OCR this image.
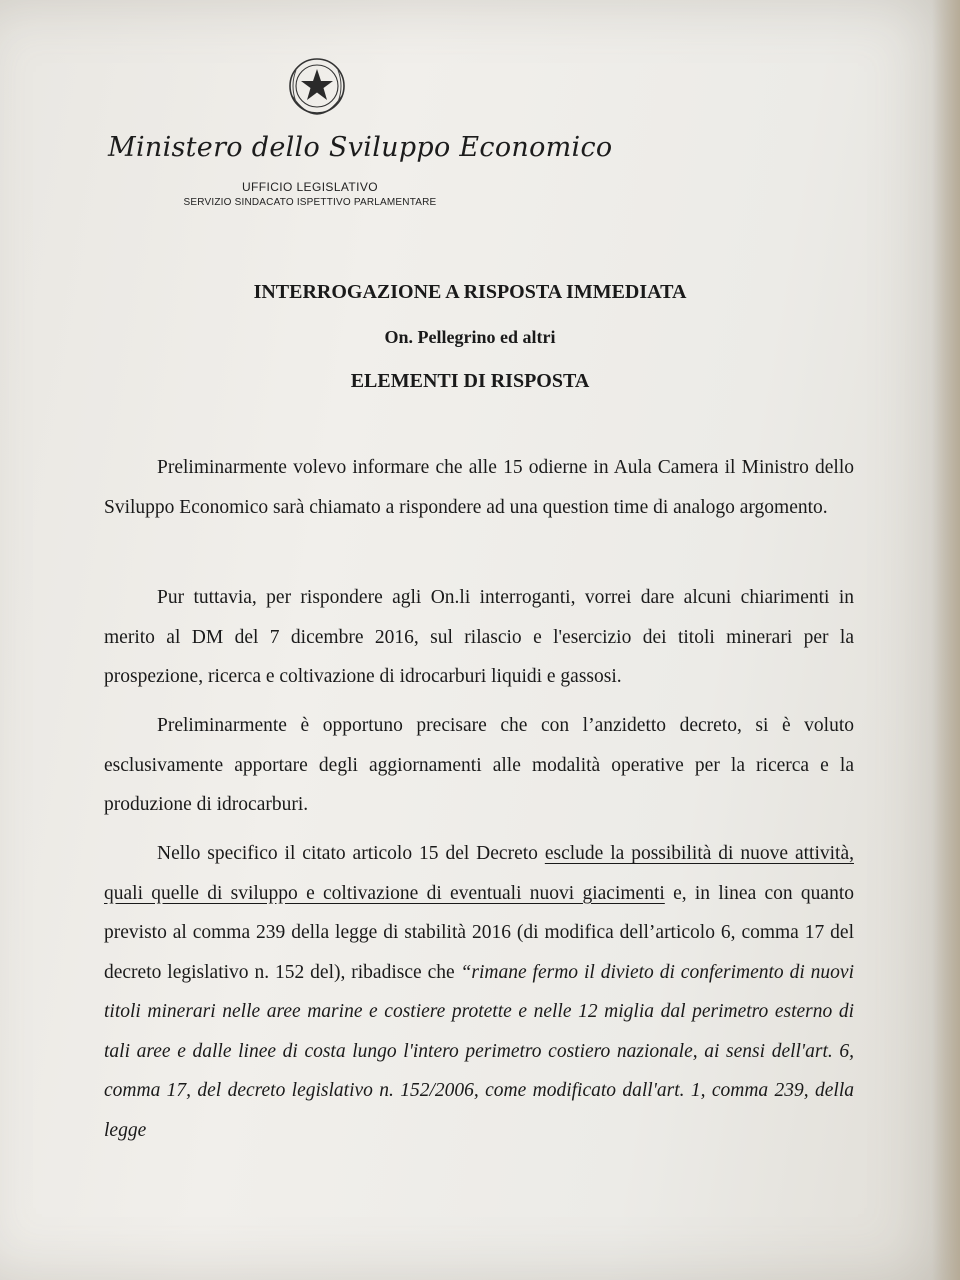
Ministero dello Sviluppo Economico
UFFICIO LEGISLATIVO
SERVIZIO SINDACATO ISPETTIVO PARLAMENTARE
INTERROGAZIONE A RISPOSTA IMMEDIATA
On. Pellegrino ed altri
ELEMENTI DI RISPOSTA
Preliminarmente volevo informare che alle 15 odierne in Aula Camera il Ministro dello Sviluppo Economico sarà chiamato a rispondere ad una question time di analogo argomento.
Pur tuttavia, per rispondere agli On.li interroganti, vorrei dare alcuni chiarimenti in merito al DM del 7 dicembre 2016, sul rilascio e l'esercizio dei titoli minerari per la prospezione, ricerca e coltivazione di idrocarburi liquidi e gassosi.
Preliminarmente è opportuno precisare che con l’anzidetto decreto, si è voluto esclusivamente apportare degli aggiornamenti alle modalità operative per la ricerca e la produzione di idrocarburi.
Nello specifico il citato articolo 15 del Decreto esclude la possibilità di nuove attività, quali quelle di sviluppo e coltivazione di eventuali nuovi giacimenti e, in linea con quanto previsto al comma 239 della legge di stabilità 2016 (di modifica dell’articolo 6, comma 17 del decreto legislativo n. 152 del), ribadisce che “rimane fermo il divieto di conferimento di nuovi titoli minerari nelle aree marine e costiere protette e nelle 12 miglia dal perimetro esterno di tali aree e dalle linee di costa lungo l'intero perimetro costiero nazionale, ai sensi dell'art. 6, comma 17, del decreto legislativo n. 152/2006, come modificato dall'art. 1, comma 239, della legge
